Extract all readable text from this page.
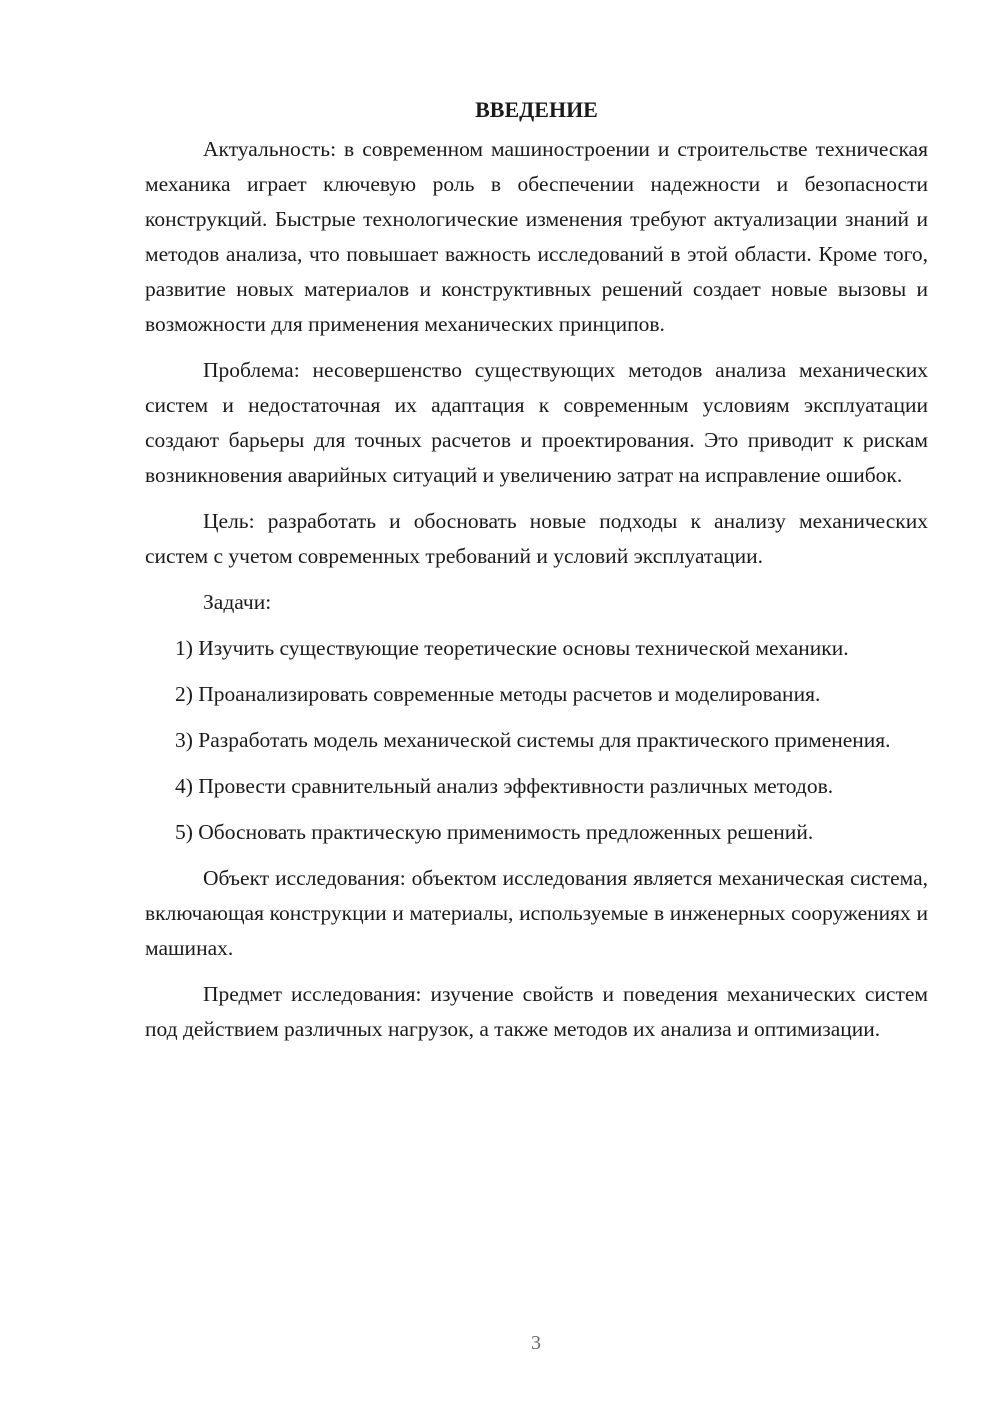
ВВЕДЕНИЕ

Актуальность: в современном машиностроении и строительстве техническая механика играет ключевую роль в обеспечении надежности и безопасности конструкций. Быстрые технологические изменения требуют актуализации знаний и методов анализа, что повышает важность исследований в этой области. Кроме того, развитие новых материалов и конструктивных решений создает новые вызовы и возможности для применения механических принципов.

Проблема: несовершенство существующих методов анализа механических систем и недостаточная их адаптация к современным условиям эксплуатации создают барьеры для точных расчетов и проектирования. Это приводит к рискам возникновения аварийных ситуаций и увеличению затрат на исправление ошибок.

Цель: разработать и обосновать новые подходы к анализу механических систем с учетом современных требований и условий эксплуатации.

Задачи:

1) Изучить существующие теоретические основы технической механики.

2) Проанализировать современные методы расчетов и моделирования.

3) Разработать модель механической системы для практического применения.

4) Провести сравнительный анализ эффективности различных методов.

5) Обосновать практическую применимость предложенных решений.

Объект исследования: объектом исследования является механическая система, включающая конструкции и материалы, используемые в инженерных сооружениях и машинах.

Предмет исследования: изучение свойств и поведения механических систем под действием различных нагрузок, а также методов их анализа и оптимизации.

3
